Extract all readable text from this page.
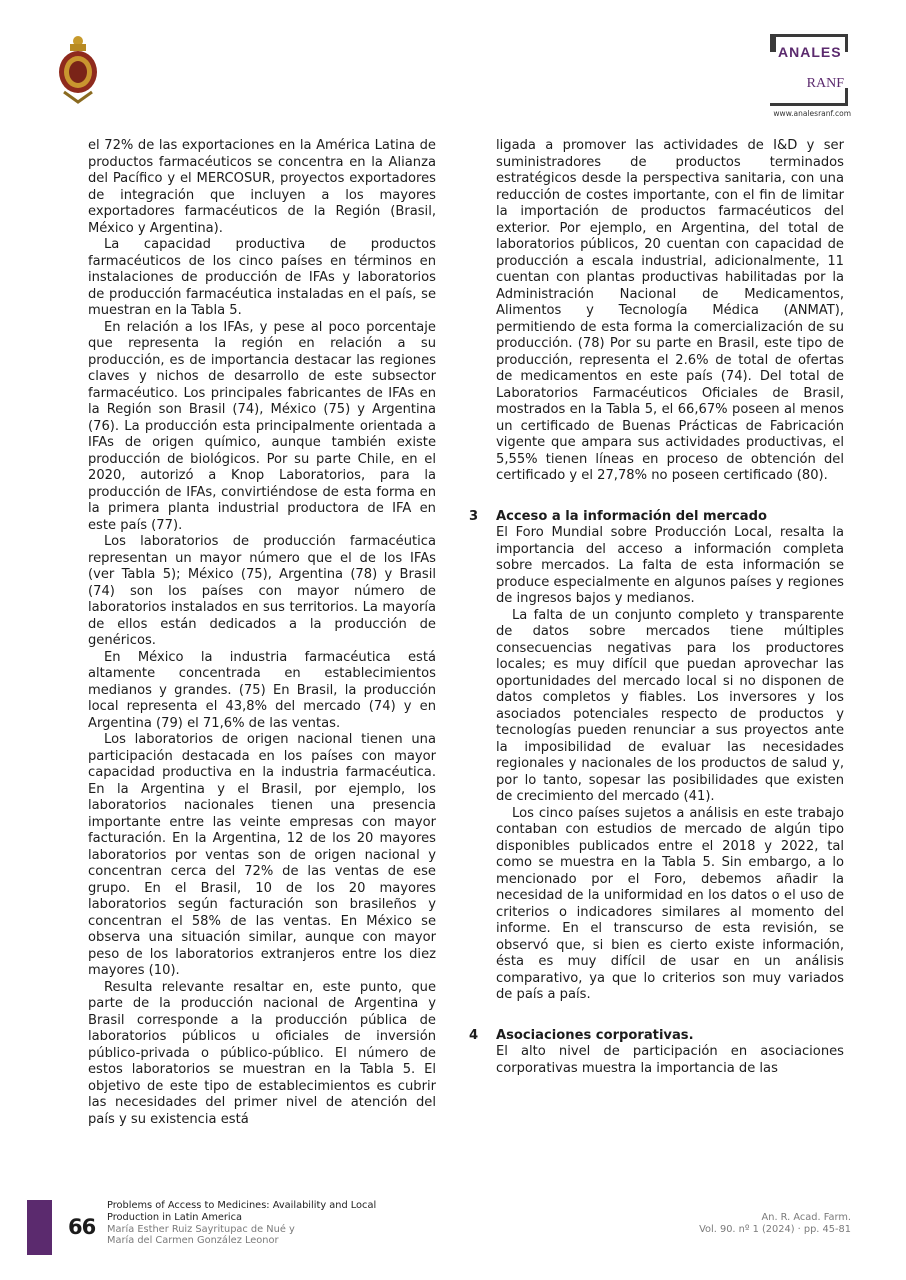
ANALES
RANF
www.analesranf.com

el 72% de las exportaciones en la América Latina de productos farmacéuticos se concentra en la Alianza del Pacífico y el MERCOSUR, proyectos exportadores de integración que incluyen a los mayores exportadores farmacéuticos de la Región (Brasil, México y Argentina).

La capacidad productiva de productos farmacéuticos de los cinco países en términos en instalaciones de producción de IFAs y laboratorios de producción farmacéutica instaladas en el país, se muestran en la Tabla 5.

En relación a los IFAs, y pese al poco porcentaje que representa la región en relación a su producción, es de importancia destacar las regiones claves y nichos de desarrollo de este subsector farmacéutico. Los principales fabricantes de IFAs en la Región son Brasil (74), México (75) y Argentina (76). La producción esta principalmente orientada a IFAs de origen químico, aunque también existe producción de biológicos. Por su parte Chile, en el 2020, autorizó a Knop Laboratorios, para la producción de IFAs, convirtiéndose de esta forma en la primera planta industrial productora de IFA en este país (77).

Los laboratorios de producción farmacéutica representan un mayor número que el de los IFAs (ver Tabla 5); México (75), Argentina (78) y Brasil (74) son los países con mayor número de laboratorios instalados en sus territorios. La mayoría de ellos están dedicados a la producción de genéricos.

En México la industria farmacéutica está altamente concentrada en establecimientos medianos y grandes. (75) En Brasil, la producción local representa el 43,8% del mercado (74) y en Argentina (79) el 71,6% de las ventas.

Los laboratorios de origen nacional tienen una participación destacada en los países con mayor capacidad productiva en la industria farmacéutica. En la Argentina y el Brasil, por ejemplo, los laboratorios nacionales tienen una presencia importante entre las veinte empresas con mayor facturación. En la Argentina, 12 de los 20 mayores laboratorios por ventas son de origen nacional y concentran cerca del 72% de las ventas de ese grupo. En el Brasil, 10 de los 20 mayores laboratorios según facturación son brasileños y concentran el 58% de las ventas. En México se observa una situación similar, aunque con mayor peso de los laboratorios extranjeros entre los diez mayores (10).

Resulta relevante resaltar en, este punto, que parte de la producción nacional de Argentina y Brasil corresponde a la producción pública de laboratorios públicos u oficiales de inversión público-privada o público-público. El número de estos laboratorios se muestran en la Tabla 5. El objetivo de este tipo de establecimientos es cubrir las necesidades del primer nivel de atención del país y su existencia está

ligada a promover las actividades de I&D y ser suministradores de productos terminados estratégicos desde la perspectiva sanitaria, con una reducción de costes importante, con el fin de limitar la importación de productos farmacéuticos del exterior. Por ejemplo, en Argentina, del total de laboratorios públicos, 20 cuentan con capacidad de producción a escala industrial, adicionalmente, 11 cuentan con plantas productivas habilitadas por la Administración Nacional de Medicamentos, Alimentos y Tecnología Médica (ANMAT), permitiendo de esta forma la comercialización de su producción. (78) Por su parte en Brasil, este tipo de producción, representa el 2.6% de total de ofertas de medicamentos en este país (74). Del total de Laboratorios Farmacéuticos Oficiales de Brasil, mostrados en la Tabla 5, el 66,67% poseen al menos un certificado de Buenas Prácticas de Fabricación vigente que ampara sus actividades productivas, el 5,55% tienen líneas en proceso de obtención del certificado y el 27,78% no poseen certificado (80).

3 Acceso a la información del mercado

El Foro Mundial sobre Producción Local, resalta la importancia del acceso a información completa sobre mercados. La falta de esta información se produce especialmente en algunos países y regiones de ingresos bajos y medianos.

La falta de un conjunto completo y transparente de datos sobre mercados tiene múltiples consecuencias negativas para los productores locales; es muy difícil que puedan aprovechar las oportunidades del mercado local si no disponen de datos completos y fiables. Los inversores y los asociados potenciales respecto de productos y tecnologías pueden renunciar a sus proyectos ante la imposibilidad de evaluar las necesidades regionales y nacionales de los productos de salud y, por lo tanto, sopesar las posibilidades que existen de crecimiento del mercado (41).

Los cinco países sujetos a análisis en este trabajo contaban con estudios de mercado de algún tipo disponibles publicados entre el 2018 y 2022, tal como se muestra en la Tabla 5. Sin embargo, a lo mencionado por el Foro, debemos añadir la necesidad de la uniformidad en los datos o el uso de criterios o indicadores similares al momento del informe. En el transcurso de esta revisión, se observó que, si bien es cierto existe información, ésta es muy difícil de usar en un análisis comparativo, ya que lo criterios son muy variados de país a país.

4 Asociaciones corporativas.

El alto nivel de participación en asociaciones corporativas muestra la importancia de las

66
Problems of Access to Medicines: Availability and Local
Production in Latin America
María Esther Ruiz Sayritupac de Nué y
María del Carmen González Leonor
An. R. Acad. Farm.
Vol. 90. nº 1 (2024) · pp. 45-81
